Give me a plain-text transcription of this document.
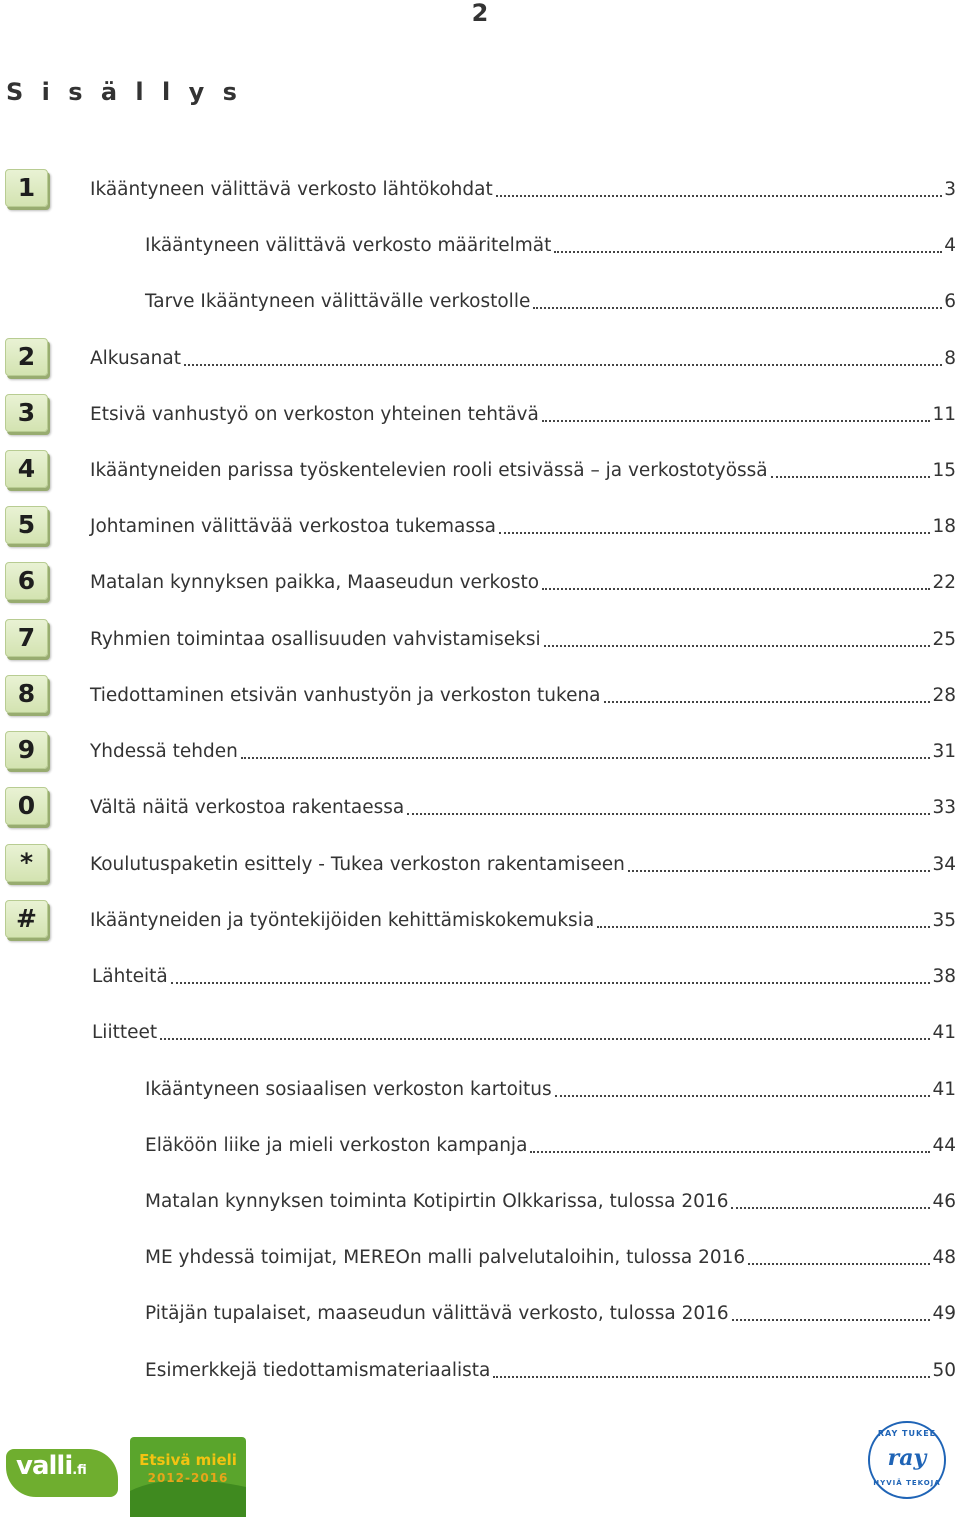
2
S i s ä l l y s
1	Ikääntyneen välittävä verkosto lähtökohdat	3
Ikääntyneen välittävä verkosto määritelmät	4
Tarve Ikääntyneen välittävälle verkostolle	6
2	Alkusanat	8
3	Etsivä vanhustyö on verkoston yhteinen tehtävä	11
4	Ikääntyneiden parissa työskentelevien rooli etsivässä – ja verkostotyössä	15
5	Johtaminen välittävää verkostoa tukemassa	18
6	Matalan kynnyksen paikka, Maaseudun verkosto	22
7	Ryhmien toimintaa osallisuuden vahvistamiseksi	25
8	Tiedottaminen etsivän vanhustyön ja verkoston tukena	28
9	Yhdessä tehden	31
0	Vältä näitä verkostoa rakentaessa	33
*	Koulutuspaketin esittely - Tukea verkoston rakentamiseen	34
#	Ikääntyneiden ja työntekijöiden kehittämiskokemuksia	35
Lähteitä	38
Liitteet	41
Ikääntyneen sosiaalisen verkoston kartoitus	41
Eläköön liike ja mieli verkoston kampanja	44
Matalan kynnyksen toiminta Kotipirtin Olkkarissa, tulossa 2016	46
ME yhdessä toimijat, MEREOn malli palvelutaloihin, tulossa 2016	48
Pitäjän tupalaiset, maaseudun välittävä verkosto, tulossa 2016	49
Esimerkkejä tiedottamismateriaalista	50
valli.fi
Etsivä mieli
2012-2016
RAY TUKEE
ray
HYVIÄ TEKOJA
